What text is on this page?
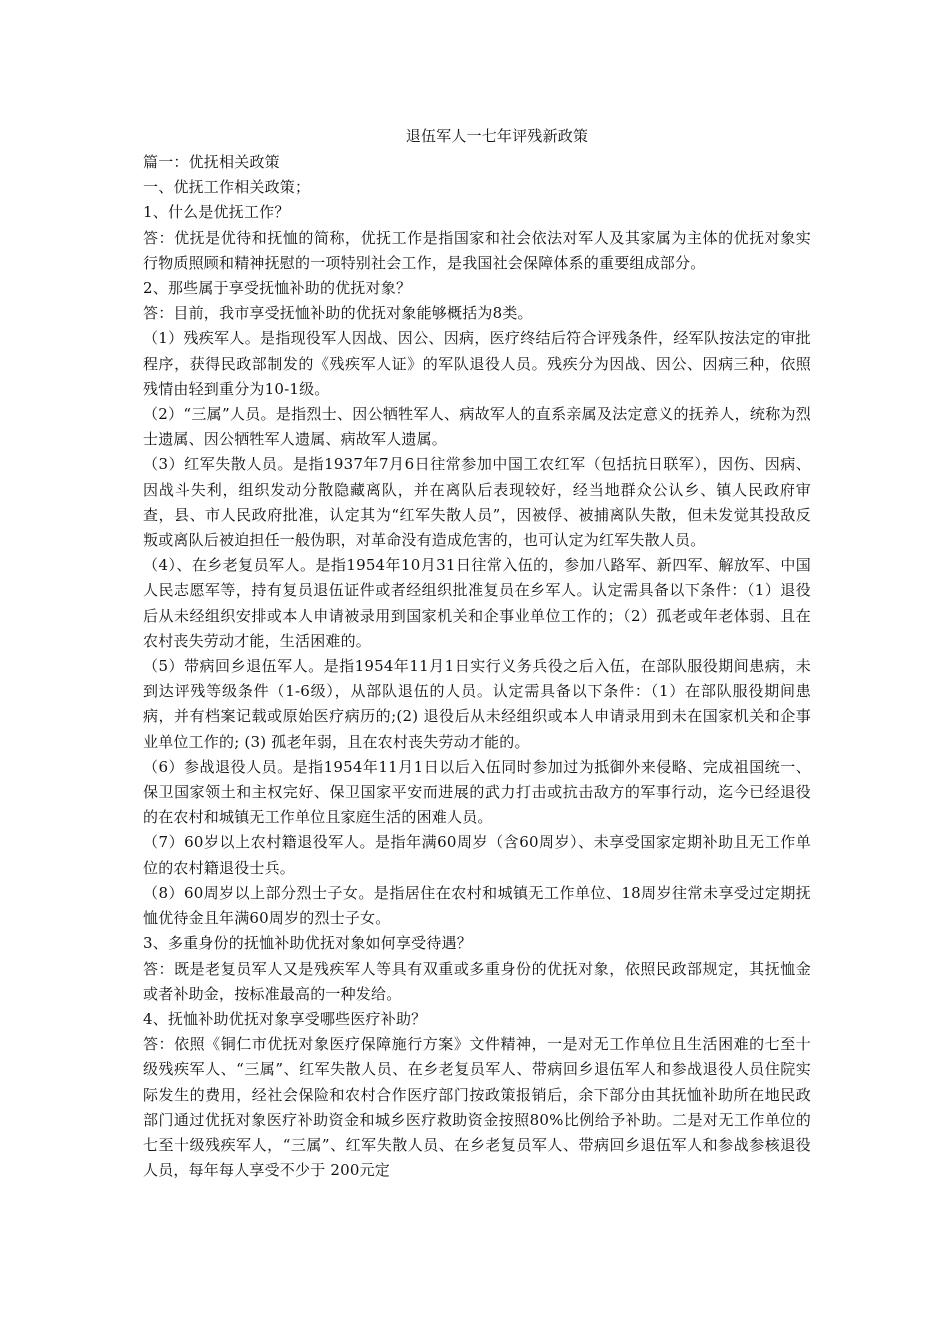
退伍军人一七年评残新政策

篇一：优抚相关政策

一、优抚工作相关政策；

1、什么是优抚工作？

答：优抚是优待和抚恤的简称，优抚工作是指国家和社会依法对军人及其家属为主体的优抚对象实行物质照顾和精神抚慰的一项特别社会工作，是我国社会保障体系的重要组成部分。

2、那些属于享受抚恤补助的优抚对象？

答：目前，我市享受抚恤补助的优抚对象能够概括为8类。

（1）残疾军人。是指现役军人因战、因公、因病，医疗终结后符合评残条件，经军队按法定的审批程序，获得民政部制发的《残疾军人证》的军队退役人员。残疾分为因战、因公、因病三种，依照残情由轻到重分为10-1级。

（2）“三属”人员。是指烈士、因公牺牲军人、病故军人的直系亲属及法定意义的抚养人，统称为烈士遗属、因公牺牲军人遗属、病故军人遗属。

（3）红军失散人员。是指1937年7月6日往常参加中国工农红军（包括抗日联军），因伤、因病、因战斗失利，组织发动分散隐藏离队，并在离队后表现较好，经当地群众公认乡、镇人民政府审查，县、市人民政府批准，认定其为“红军失散人员”，因被俘、被捕离队失散，但未发觉其投敌反叛或离队后被迫担任一般伪职，对革命没有造成危害的，也可认定为红军失散人员。

（4）、在乡老复员军人。是指1954年10月31日往常入伍的，参加八路军、新四军、解放军、中国人民志愿军等，持有复员退伍证件或者经组织批准复员在乡军人。认定需具备以下条件：（1）退役后从未经组织安排或本人申请被录用到国家机关和企事业单位工作的；（2）孤老或年老体弱、且在农村丧失劳动才能，生活困难的。

（5）带病回乡退伍军人。是指1954年11月1日实行义务兵役之后入伍，在部队服役期间患病，未到达评残等级条件（1-6级），从部队退伍的人员。认定需具备以下条件：（1）在部队服役期间患病，并有档案记载或原始医疗病历的;(2) 退役后从未经组织或本人申请录用到未在国家机关和企事业单位工作的; (3) 孤老年弱，且在农村丧失劳动才能的。

（6）参战退役人员。是指1954年11月1日以后入伍同时参加过为抵御外来侵略、完成祖国统一、保卫国家领土和主权完好、保卫国家平安而进展的武力打击或抗击敌方的军事行动，迄今已经退役的在农村和城镇无工作单位且家庭生活的困难人员。

（7）60岁以上农村籍退役军人。是指年满60周岁（含60周岁）、未享受国家定期补助且无工作单位的农村籍退役士兵。

（8）60周岁以上部分烈士子女。是指居住在农村和城镇无工作单位、18周岁往常未享受过定期抚恤优待金且年满60周岁的烈士子女。

3、多重身份的抚恤补助优抚对象如何享受待遇？

答：既是老复员军人又是残疾军人等具有双重或多重身份的优抚对象，依照民政部规定，其抚恤金或者补助金，按标准最高的一种发给。

4、抚恤补助优抚对象享受哪些医疗补助？

答：依照《铜仁市优抚对象医疗保障施行方案》文件精神，一是对无工作单位且生活困难的七至十级残疾军人、“三属”、红军失散人员、在乡老复员军人、带病回乡退伍军人和参战退役人员住院实际发生的费用，经社会保险和农村合作医疗部门按政策报销后，余下部分由其抚恤补助所在地民政部门通过优抚对象医疗补助资金和城乡医疗救助资金按照80%比例给予补助。二是对无工作单位的七至十级残疾军人，“三属”、红军失散人员、在乡老复员军人、带病回乡退伍军人和参战参核退役人员，每年每人享受不少于 200元定
